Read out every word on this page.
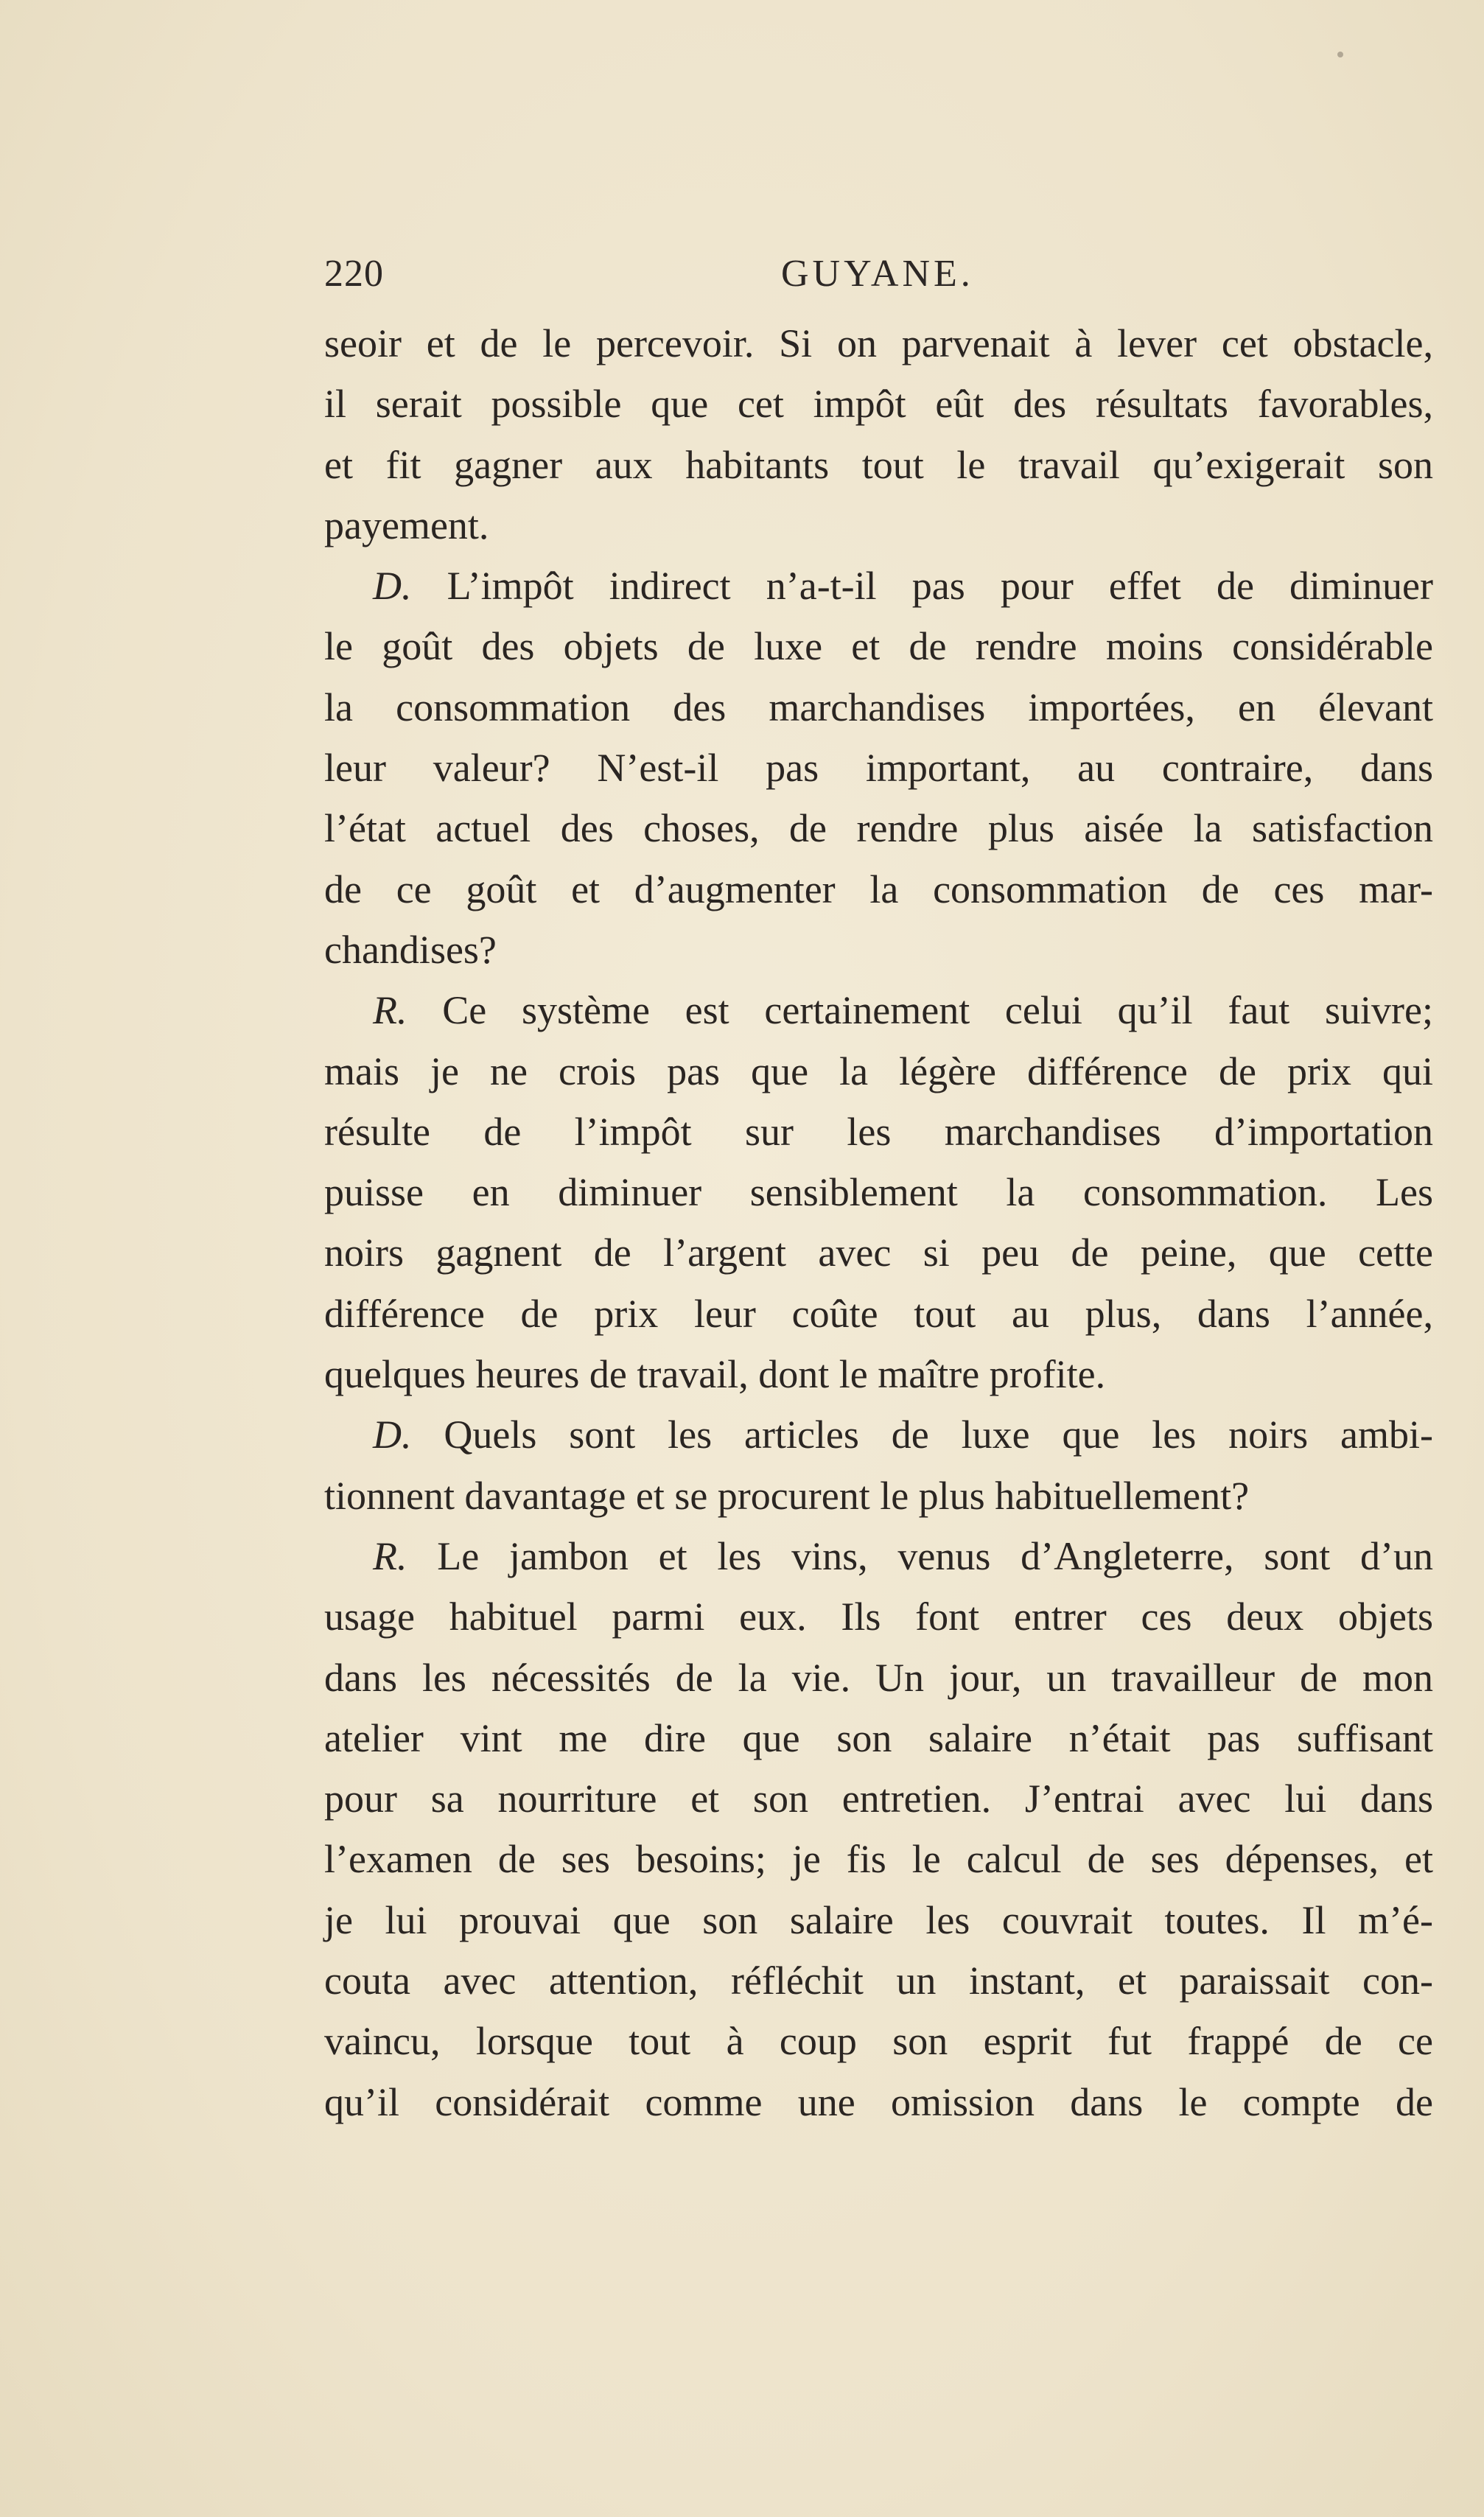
220	GUYANE.
seoir et de le percevoir. Si on parvenait à lever cet obstacle,
il serait possible que cet impôt eût des résultats favorables,
et fit gagner aux habitants tout le travail qu’exigerait son
payement.
D. L’impôt indirect n’a-t-il pas pour effet de diminuer
le goût des objets de luxe et de rendre moins considérable
la consommation des marchandises importées, en élevant
leur valeur? N’est-il pas important, au contraire, dans
l’état actuel des choses, de rendre plus aisée la satisfaction
de ce goût et d’augmenter la consommation de ces mar-
chandises?
R. Ce système est certainement celui qu’il faut suivre;
mais je ne crois pas que la légère différence de prix qui
résulte de l’impôt sur les marchandises d’importation
puisse en diminuer sensiblement la consommation. Les
noirs gagnent de l’argent avec si peu de peine, que cette
différence de prix leur coûte tout au plus, dans l’année,
quelques heures de travail, dont le maître profite.
D. Quels sont les articles de luxe que les noirs ambi-
tionnent davantage et se procurent le plus habituellement?
R. Le jambon et les vins, venus d’Angleterre, sont d’un
usage habituel parmi eux. Ils font entrer ces deux objets
dans les nécessités de la vie. Un jour, un travailleur de mon
atelier vint me dire que son salaire n’était pas suffisant
pour sa nourriture et son entretien. J’entrai avec lui dans
l’examen de ses besoins; je fis le calcul de ses dépenses, et
je lui prouvai que son salaire les couvrait toutes. Il m’é-
couta avec attention, réfléchit un instant, et paraissait con-
vaincu, lorsque tout à coup son esprit fut frappé de ce
qu’il considérait comme une omission dans le compte de
